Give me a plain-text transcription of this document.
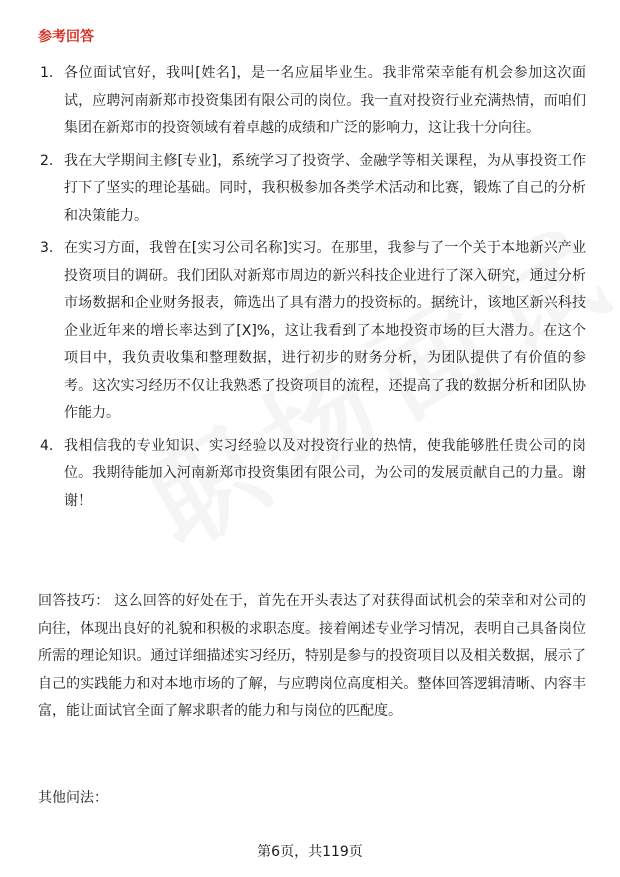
参考回答
1. 各位面试官好，我叫[姓名]，是一名应届毕业生。我非常荣幸能有机会参加这次面试，应聘河南新郑市投资集团有限公司的岗位。我一直对投资行业充满热情，而咱们集团在新郑市的投资领域有着卓越的成绩和广泛的影响力，这让我十分向往。
2. 我在大学期间主修[专业]，系统学习了投资学、金融学等相关课程，为从事投资工作打下了坚实的理论基础。同时，我积极参加各类学术活动和比赛，锻炼了自己的分析和决策能力。
3. 在实习方面，我曾在[实习公司名称]实习。在那里，我参与了一个关于本地新兴产业投资项目的调研。我们团队对新郑市周边的新兴科技企业进行了深入研究，通过分析市场数据和企业财务报表，筛选出了具有潜力的投资标的。据统计，该地区新兴科技企业近年来的增长率达到了[X]%，这让我看到了本地投资市场的巨大潜力。在这个项目中，我负责收集和整理数据，进行初步的财务分析，为团队提供了有价值的参考。这次实习经历不仅让我熟悉了投资项目的流程，还提高了我的数据分析和团队协作能力。
4. 我相信我的专业知识、实习经验以及对投资行业的热情，使我能够胜任贵公司的岗位。我期待能加入河南新郑市投资集团有限公司，为公司的发展贡献自己的力量。谢谢！

回答技巧： 这么回答的好处在于，首先在开头表达了对获得面试机会的荣幸和对公司的向往，体现出良好的礼貌和积极的求职态度。接着阐述专业学习情况，表明自己具备岗位所需的理论知识。通过详细描述实习经历，特别是参与的投资项目以及相关数据，展示了自己的实践能力和对本地市场的了解，与应聘岗位高度相关。整体回答逻辑清晰、内容丰富，能让面试官全面了解求职者的能力和与岗位的匹配度。

其他问法：

第6页，共119页
